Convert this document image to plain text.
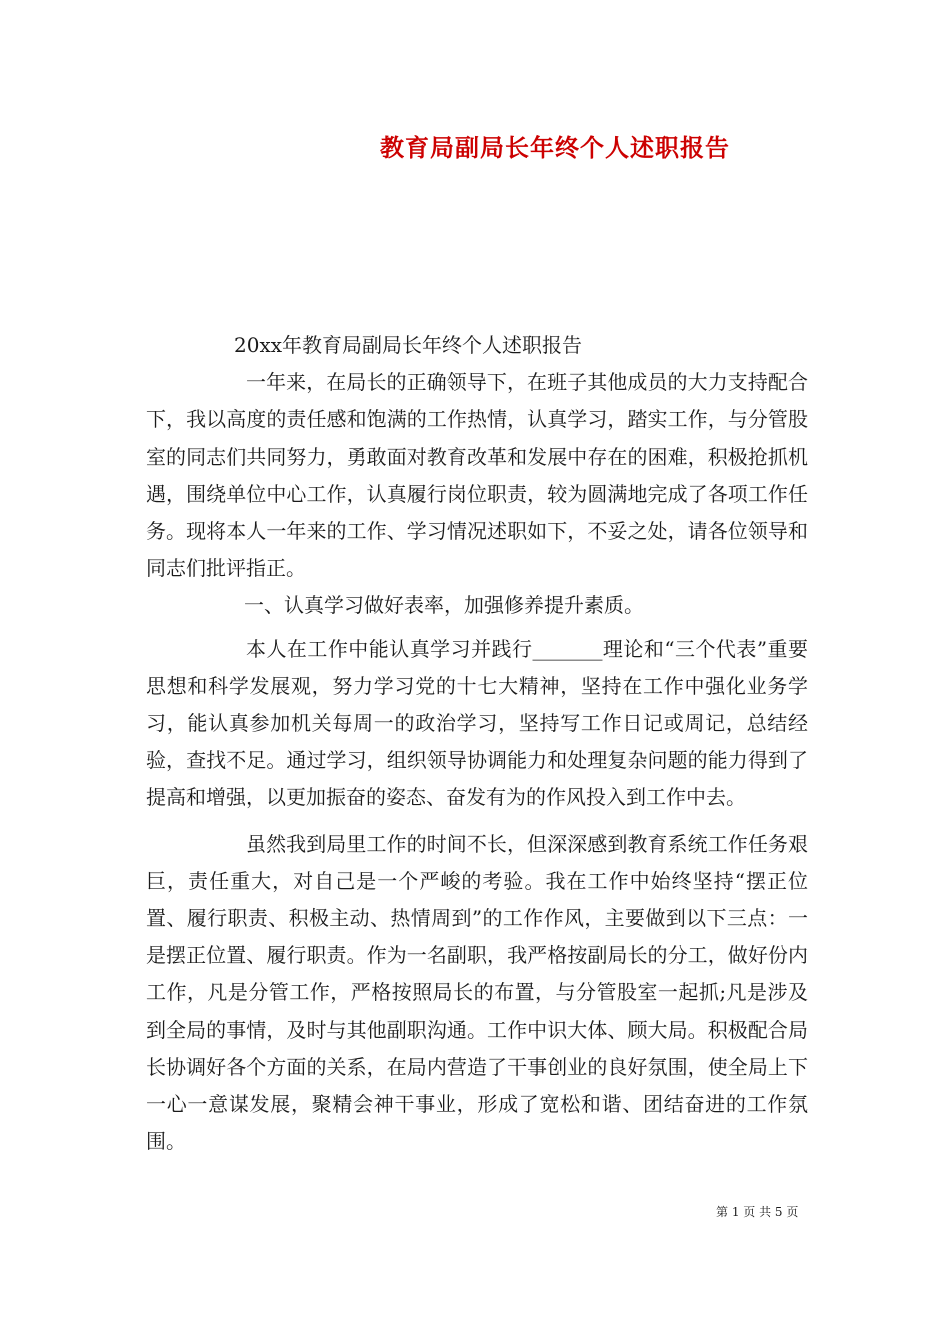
教育局副局长年终个人述职报告

20xx年教育局副局长年终个人述职报告

一年来，在局长的正确领导下，在班子其他成员的大力支持配合下，我以高度的责任感和饱满的工作热情，认真学习，踏实工作，与分管股室的同志们共同努力，勇敢面对教育改革和发展中存在的困难，积极抢抓机遇，围绕单位中心工作，认真履行岗位职责，较为圆满地完成了各项工作任务。现将本人一年来的工作、学习情况述职如下，不妥之处，请各位领导和同志们批评指正。

一、认真学习做好表率，加强修养提升素质。

本人在工作中能认真学习并践行_______理论和“三个代表”重要思想和科学发展观，努力学习党的十七大精神，坚持在工作中强化业务学习，能认真参加机关每周一的政治学习，坚持写工作日记或周记，总结经验，查找不足。通过学习，组织领导协调能力和处理复杂问题的能力得到了提高和增强，以更加振奋的姿态、奋发有为的作风投入到工作中去。

虽然我到局里工作的时间不长，但深深感到教育系统工作任务艰巨，责任重大，对自己是一个严峻的考验。我在工作中始终坚持“摆正位置、履行职责、积极主动、热情周到”的工作作风，主要做到以下三点：一是摆正位置、履行职责。作为一名副职，我严格按副局长的分工，做好份内工作，凡是分管工作，严格按照局长的布置，与分管股室一起抓;凡是涉及到全局的事情，及时与其他副职沟通。工作中识大体、顾大局。积极配合局长协调好各个方面的关系，在局内营造了干事创业的良好氛围，使全局上下一心一意谋发展，聚精会神干事业，形成了宽松和谐、团结奋进的工作氛围。

第 1 页 共 5 页
